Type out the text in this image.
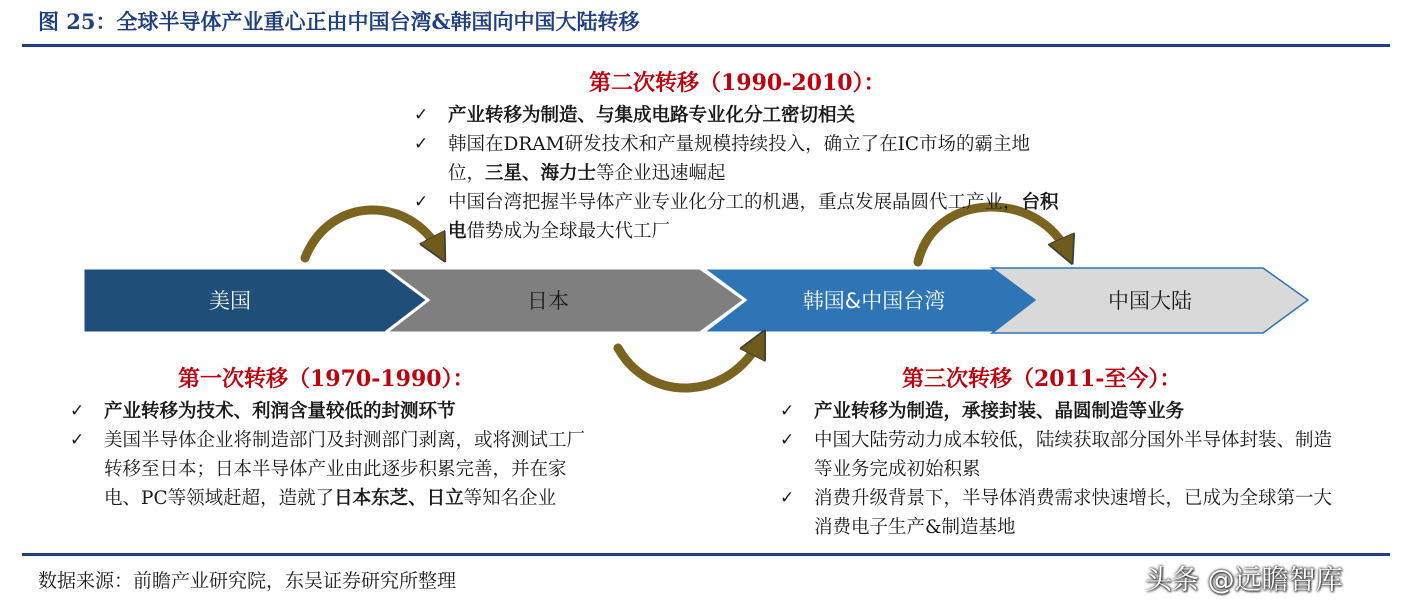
图 25：全球半导体产业重心正由中国台湾&韩国向中国大陆转移
美国	日本	韩国&中国台湾	中国大陆
第二次转移（1990-2010）：
✓ 产业转移为制造、与集成电路专业化分工密切相关
✓ 韩国在DRAM研发技术和产量规模持续投入，确立了在IC市场的霸主地位，三星、海力士等企业迅速崛起
✓ 中国台湾把握半导体产业专业化分工的机遇，重点发展晶圆代工产业，台积电借势成为全球最大代工厂
第一次转移（1970-1990）：
✓ 产业转移为技术、利润含量较低的封测环节
✓ 美国半导体企业将制造部门及封测部门剥离，或将测试工厂转移至日本；日本半导体产业由此逐步积累完善，并在家电、PC等领域赶超，造就了日本东芝、日立等知名企业
第三次转移（2011-至今）：
✓ 产业转移为制造，承接封装、晶圆制造等业务
✓ 中国大陆劳动力成本较低，陆续获取部分国外半导体封装、制造等业务完成初始积累
✓ 消费升级背景下，半导体消费需求快速增长，已成为全球第一大消费电子生产&制造基地
数据来源：前瞻产业研究院，东吴证券研究所整理	头条 @远瞻智库
